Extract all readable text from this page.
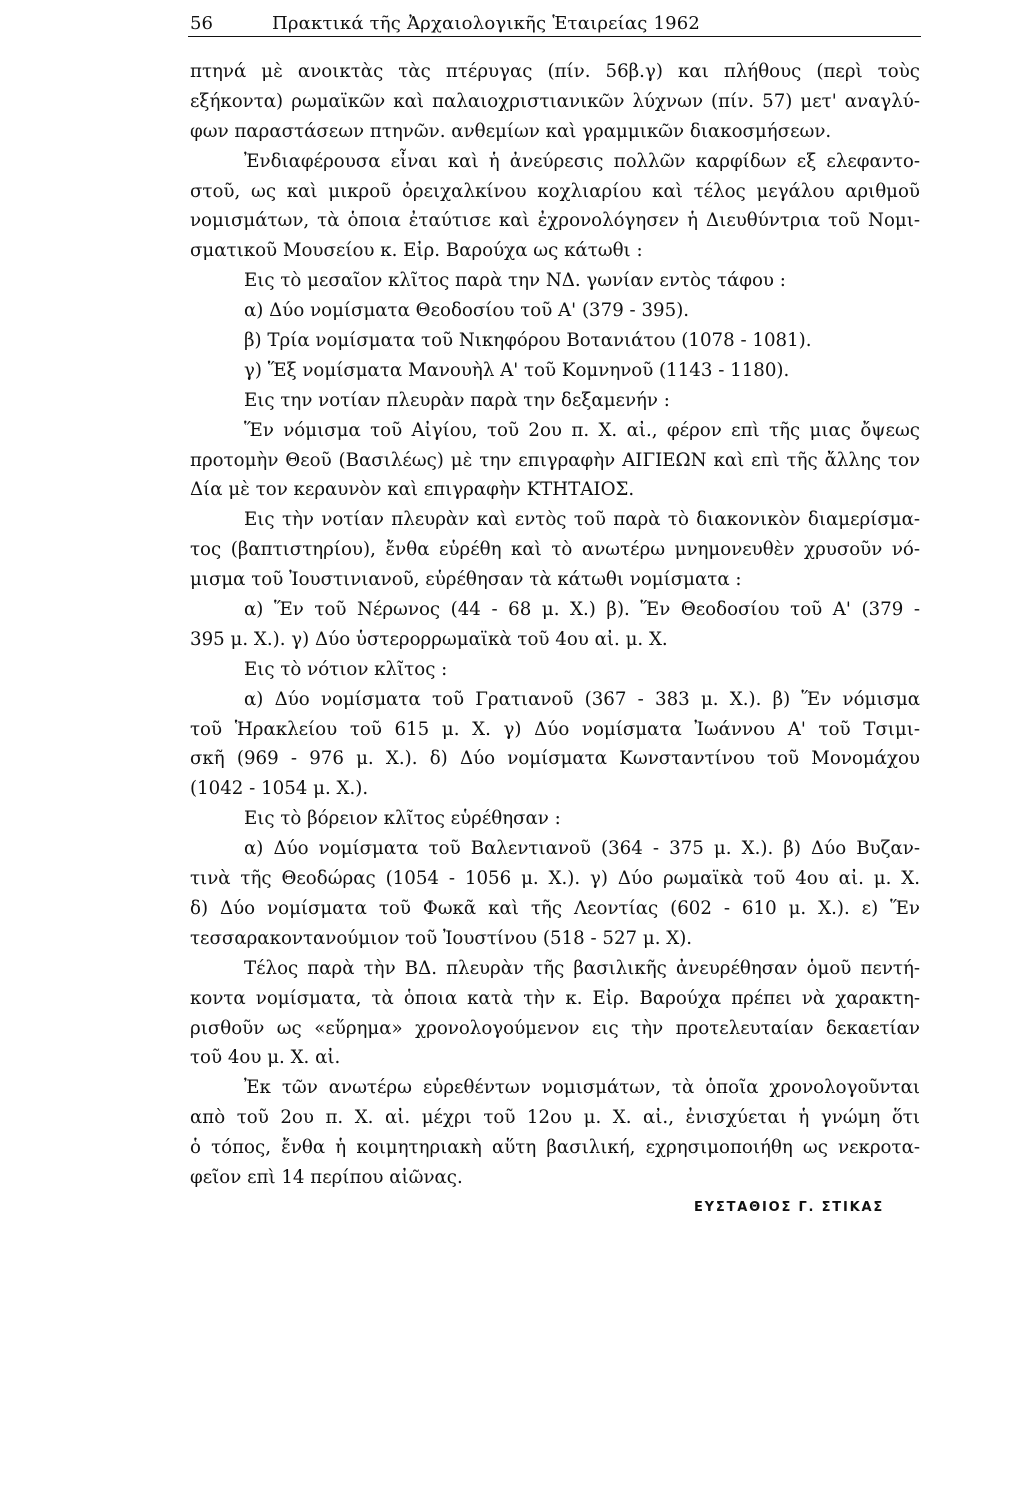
56	Πρακτικά τῆς Ἀρχαιολογικῆς Ἑταιρείας 1962
πτηνά μὲ ανοικτὰς τὰς πτέρυγας (πίν. 56β.γ) και πλήθους (περὶ τοὺς
εξήκοντα) ρωμαϊκῶν καὶ παλαιοχριστιανικῶν λύχνων (πίν. 57) μετ' αναγλύ-
φων παραστάσεων πτηνῶν. ανθεμίων καὶ γραμμικῶν διακοσμήσεων.
Ἐνδιαφέρουσα εἶναι καὶ ἡ ἀνεύρεσις πολλῶν καρφίδων εξ ελεφαντο-
στοῦ, ως καὶ μικροῦ ὀρειχαλκίνου κοχλιαρίου καὶ τέλος μεγάλου αριθμοῦ
νομισμάτων, τὰ ὁποια ἐταύτισε καὶ ἐχρονολόγησεν ἡ Διευθύντρια τοῦ Νομι-
σματικοῦ Μουσείου κ. Εἰρ. Βαρούχα ως κάτωθι :
Εις τὸ μεσαῖον κλῖτος παρὰ την ΝΔ. γωνίαν εντὸς τάφου :
α) Δύο νομίσματα Θεοδοσίου τοῦ Α' (379 - 395).
β) Τρία νομίσματα τοῦ Νικηφόρου Βοτανιάτου (1078 - 1081).
γ) Ἕξ νομίσματα Μανουὴλ Α' τοῦ Κομνηνοῦ (1143 - 1180).
Εις την νοτίαν πλευρὰν παρὰ την δεξαμενήν :
Ἕν νόμισμα τοῦ Αἰγίου, τοῦ 2ου π. Χ. αἰ., φέρον επὶ τῆς μιας ὄψεως
προτομὴν Θεοῦ (Βασιλέως) μὲ την επιγραφὴν ΑΙΓΙΕΩΝ καὶ επὶ τῆς ἄλλης τον
Δία μὲ τον κεραυνὸν καὶ επιγραφὴν ΚΤΗΤΑΙΟΣ.
Εις τὴν νοτίαν πλευρὰν καὶ εντὸς τοῦ παρὰ τὸ διακονικὸν διαμερίσμα-
τος (βαπτιστηρίου), ἔνθα εὑρέθη καὶ τὸ ανωτέρω μνημονευθὲν χρυσοῦν νό-
μισμα τοῦ Ἰουστινιανοῦ, εὑρέθησαν τὰ κάτωθι νομίσματα :
α) Ἕν τοῦ Νέρωνος (44 - 68 μ. Χ.) β). Ἕν Θεοδοσίου τοῦ Α' (379 -
395 μ. Χ.). γ) Δύο ὑστερορρωμαϊκὰ τοῦ 4ου αἰ. μ. Χ.
Εις τὸ νότιον κλῖτος :
α) Δύο νομίσματα τοῦ Γρατιανοῦ (367 - 383 μ. Χ.). β) Ἕν νόμισμα
τοῦ Ἡρακλείου τοῦ 615 μ. Χ. γ) Δύο νομίσματα Ἰωάννου Α' τοῦ Τσιμι-
σκῆ (969 - 976 μ. Χ.). δ) Δύο νομίσματα Κωνσταντίνου τοῦ Μονομάχου
(1042 - 1054 μ. Χ.).
Εις τὸ βόρειον κλῖτος εὑρέθησαν :
α) Δύο νομίσματα τοῦ Βαλεντιανοῦ (364 - 375 μ. Χ.). β) Δύο Βυζαν-
τινὰ τῆς Θεοδώρας (1054 - 1056 μ. Χ.). γ) Δύο ρωμαϊκὰ τοῦ 4ου αἰ. μ. Χ.
δ) Δύο νομίσματα τοῦ Φωκᾶ καὶ τῆς Λεοντίας (602 - 610 μ. Χ.). ε) Ἕν
τεσσαρακοντανούμιον τοῦ Ἰουστίνου (518 - 527 μ. Χ).
Τέλος παρὰ τὴν ΒΔ. πλευρὰν τῆς βασιλικῆς ἀνευρέθησαν ὁμοῦ πεντή-
κοντα νομίσματα, τὰ ὁποια κατὰ τὴν κ. Εἰρ. Βαρούχα πρέπει νὰ χαρακτη-
ρισθοῦν ως «εὕρημα» χρονολογούμενον εις τὴν προτελευταίαν δεκαετίαν
τοῦ 4ου μ. Χ. αἰ.
Ἐκ τῶν ανωτέρω εὑρεθέντων νομισμάτων, τὰ ὁποῖα χρονολογοῦνται
απὸ τοῦ 2ου π. Χ. αἰ. μέχρι τοῦ 12ου μ. Χ. αἰ., ἐνισχύεται ἡ γνώμη ὅτι
ὁ τόπος, ἔνθα ἡ κοιμητηριακὴ αὕτη βασιλική, εχρησιμοποιήθη ως νεκροτα-
φεῖον επὶ 14 περίπου αἰῶνας.
ΕΥΣΤΑΘΙΟΣ Γ. ΣΤΙΚΑΣ
